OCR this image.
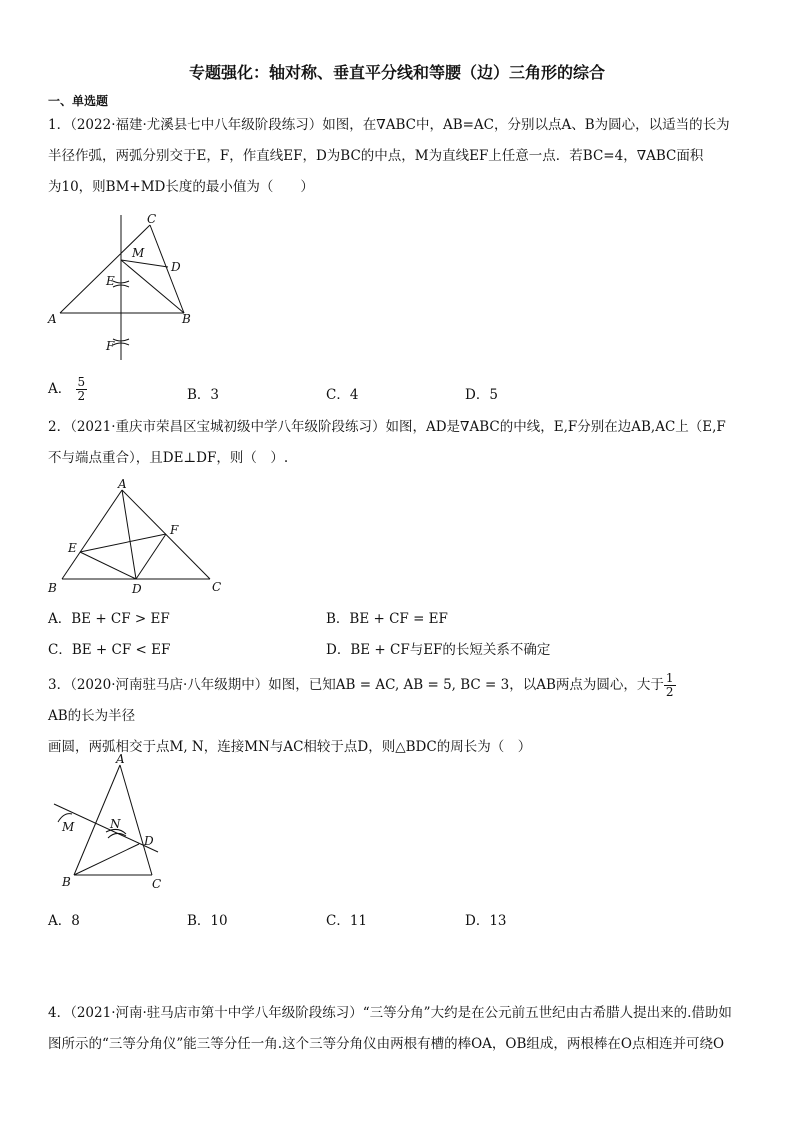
专题强化：轴对称、垂直平分线和等腰（边）三角形的综合
一、单选题
1．（2022·福建·尤溪县七中八年级阶段练习）如图，在∇ABC中，AB=AC，分别以点A、B为圆心，以适当的长为
半径作弧，两弧分别交于E，F，作直线EF，D为BC的中点，M为直线EF上任意一点．若BC=4，∇ABC面积
为10，则BM+MD长度的最小值为（　　）
C
M
D
E
A	B
F
A． $\frac{5}{2}$	B．3	C．4	D．5
2．（2021·重庆市荣昌区宝城初级中学八年级阶段练习）如图，AD是∇ABC的中线，E,F分别在边AB,AC上（E,F
不与端点重合），且DE⊥DF，则（　）.
A
F
E
B	D	C
A．BE + CF > EF	B．BE + CF = EF
C．BE + CF < EF	D．BE + CF与EF的长短关系不确定
3．（2020·河南驻马店·八年级期中）如图，已知AB = AC, AB = 5, BC = 3，以AB两点为圆心，大于 $\frac{1}{2}$
AB的长为半径
画圆，两弧相交于点M, N，连接MN与AC相较于点D，则△BDC的周长为（　）
A
M	N
D
B	C
A．8	B．10	C．11	D．13
4．（2021·河南·驻马店市第十中学八年级阶段练习）“三等分角”大约是在公元前五世纪由古希腊人提出来的.借助如
图所示的“三等分角仪”能三等分任一角.这个三等分角仪由两根有槽的棒OA，OB组成，两根棒在O点相连并可绕O
